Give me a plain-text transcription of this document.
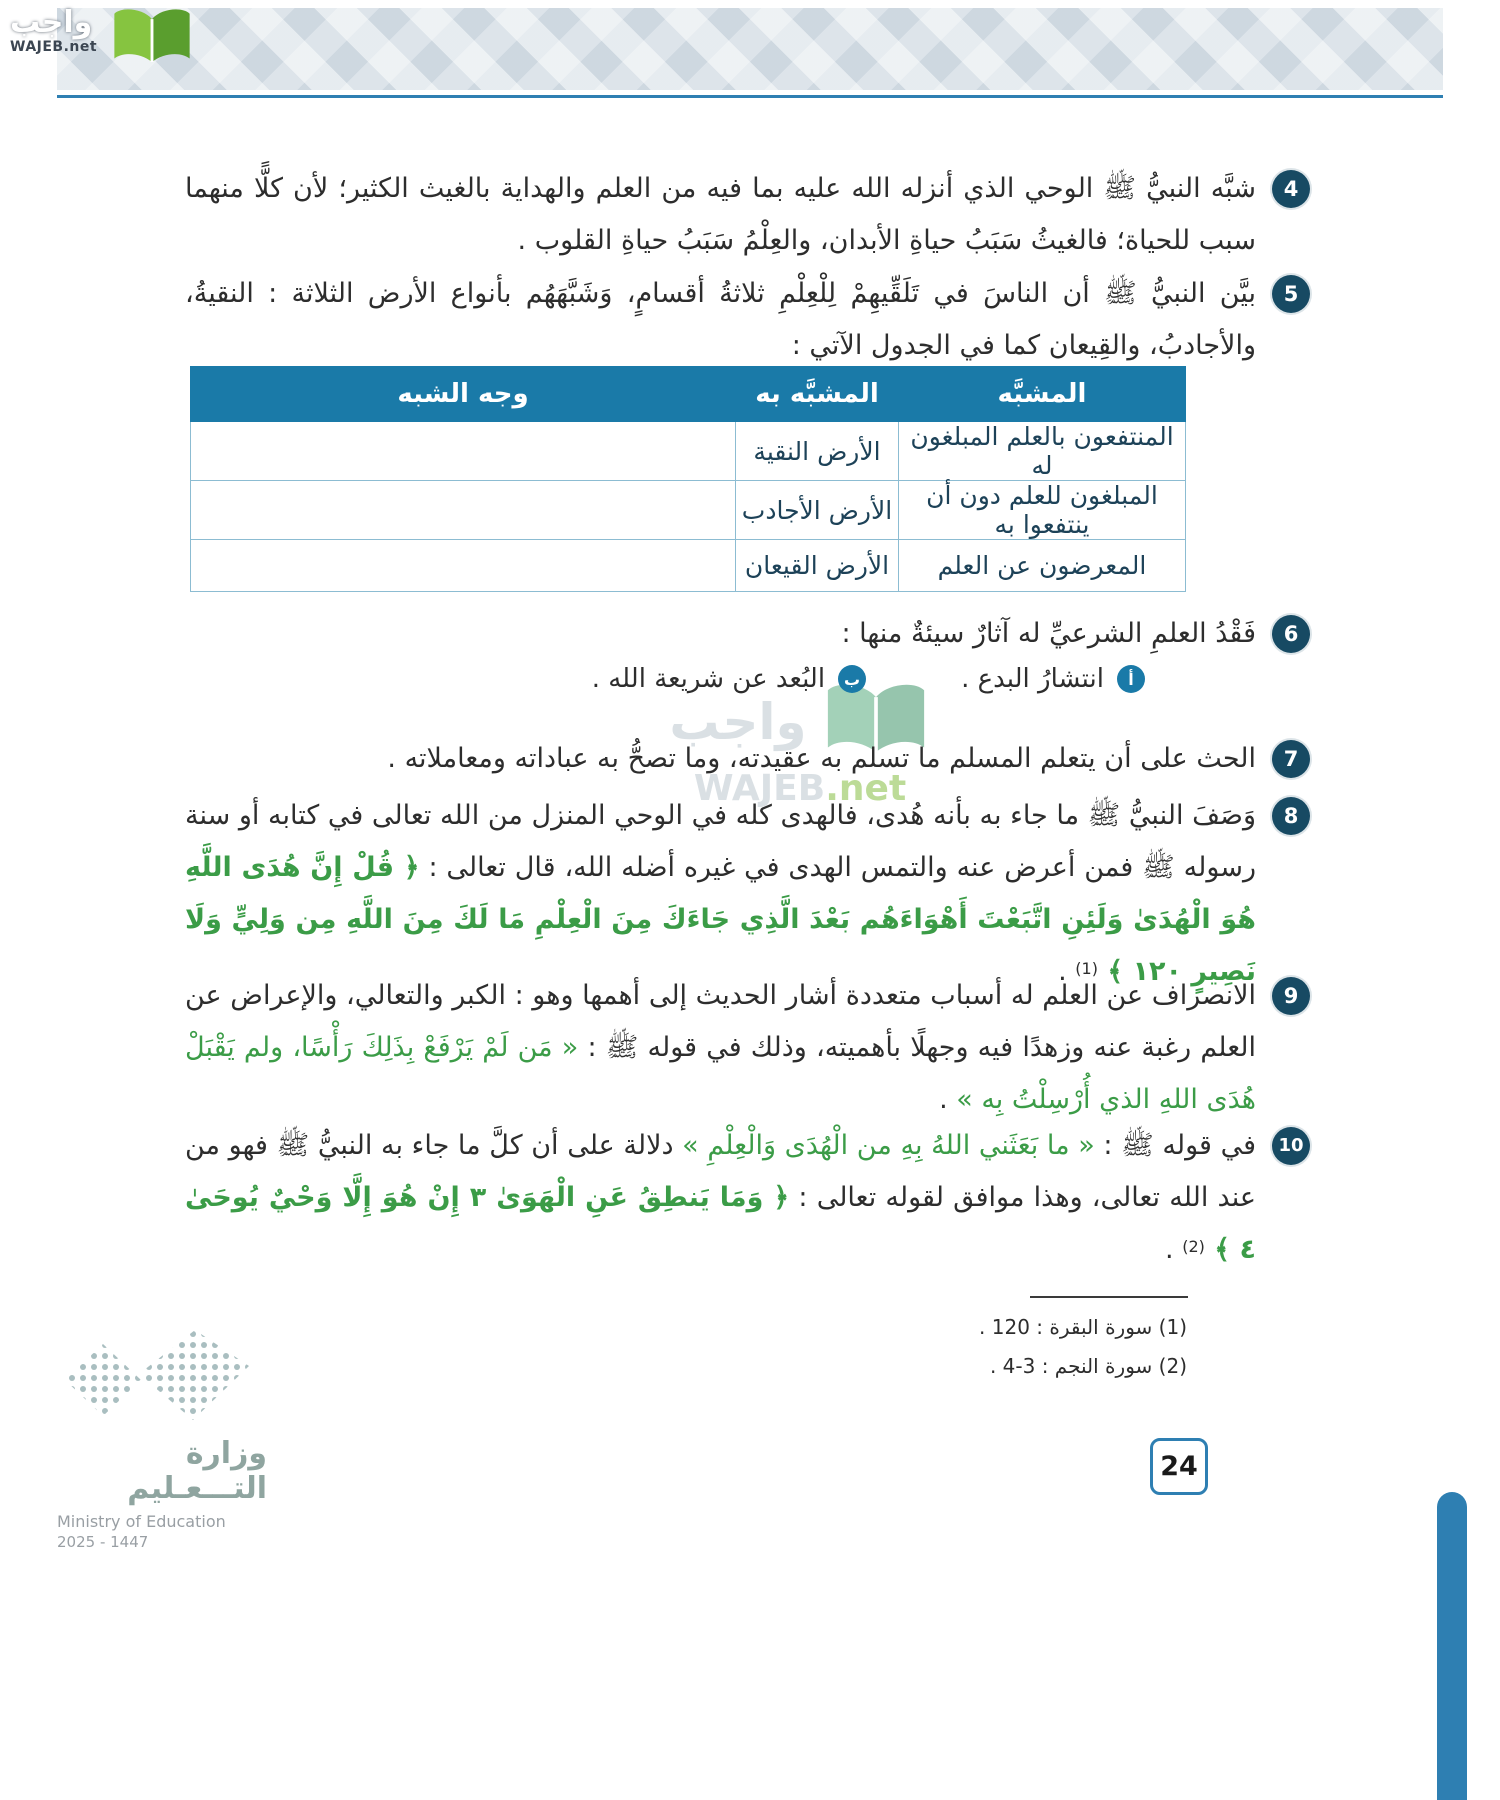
واجب
WAJEB.net
واجب
WAJEB.net
4

شبَّه النبيُّ ﷺ الوحي الذي أنزله الله عليه بما فيه من العلم والهداية بالغيث الكثير؛ لأن كلًّا منهما سبب للحياة؛ فالغيثُ سَبَبُ حياةِ الأبدان، والعِلْمُ سَبَبُ حياةِ القلوب .

5

بيَّن النبيُّ ﷺ أن الناسَ في تَلَقِّيهِمْ لِلْعِلْمِ ثلاثةُ أقسامٍ، وَشَبَّهَهُم بأنواع الأرض الثلاثة : النقيةُ، والأجادبُ، والقِيعان كما في الجدول الآتي :

المشبَّه	المشبَّه به	وجه الشبه
المنتفعون بالعلم المبلغون له	الأرض النقية	
المبلغون للعلم دون أن ينتفعوا به	الأرض الأجادب	
المعرضون عن العلم	الأرض القيعان	
6

فَقْدُ العلمِ الشرعيِّ له آثارٌ سيئةٌ منها :

أ
انتشارُ البدع .
ب
البُعد عن شريعة الله .
7

الحث على أن يتعلم المسلم ما تسلم به عقيدته، وما تصحُّ به عباداته ومعاملاته .

8

وَصَفَ النبيُّ ﷺ ما جاء به بأنه هُدى، فالهدى كله في الوحي المنزل من الله تعالى في كتابه أو سنة رسوله ﷺ فمن أعرض عنه والتمس الهدى في غيره أضله الله، قال تعالى : ﴿ قُلْ إِنَّ هُدَى اللَّهِ هُوَ الْهُدَىٰ وَلَئِنِ اتَّبَعْتَ أَهْوَاءَهُم بَعْدَ الَّذِي جَاءَكَ مِنَ الْعِلْمِ مَا لَكَ مِنَ اللَّهِ مِن وَلِيٍّ وَلَا نَصِيرٍ ١٢٠ ﴾ $^{(1)}$ .

9

الانصراف عن العلم له أسباب متعددة أشار الحديث إلى أهمها وهو : الكبر والتعالي، والإعراض عن العلم رغبة عنه وزهدًا فيه وجهلًا بأهميته، وذلك في قوله ﷺ : « مَن لَمْ يَرْفَعْ بِذَلِكَ رَأْسًا، ولم يَقْبَلْ هُدَى اللهِ الذي أُرْسِلْتُ بِه » .

10

في قوله ﷺ : « ما بَعَثَني اللهُ بِهِ من الْهُدَى وَالْعِلْمِ » دلالة على أن كلَّ ما جاء به النبيُّ ﷺ فهو من عند الله تعالى، وهذا موافق لقوله تعالى : ﴿ وَمَا يَنطِقُ عَنِ الْهَوَىٰ ٣ إِنْ هُوَ إِلَّا وَحْيٌ يُوحَىٰ ٤ ﴾ $^{(2)}$ .

(1) سورة البقرة : 120 .
(2) سورة النجم : 3-4 .
وزارة التـــعـليم
Ministry of Education
2025 - 1447
24
